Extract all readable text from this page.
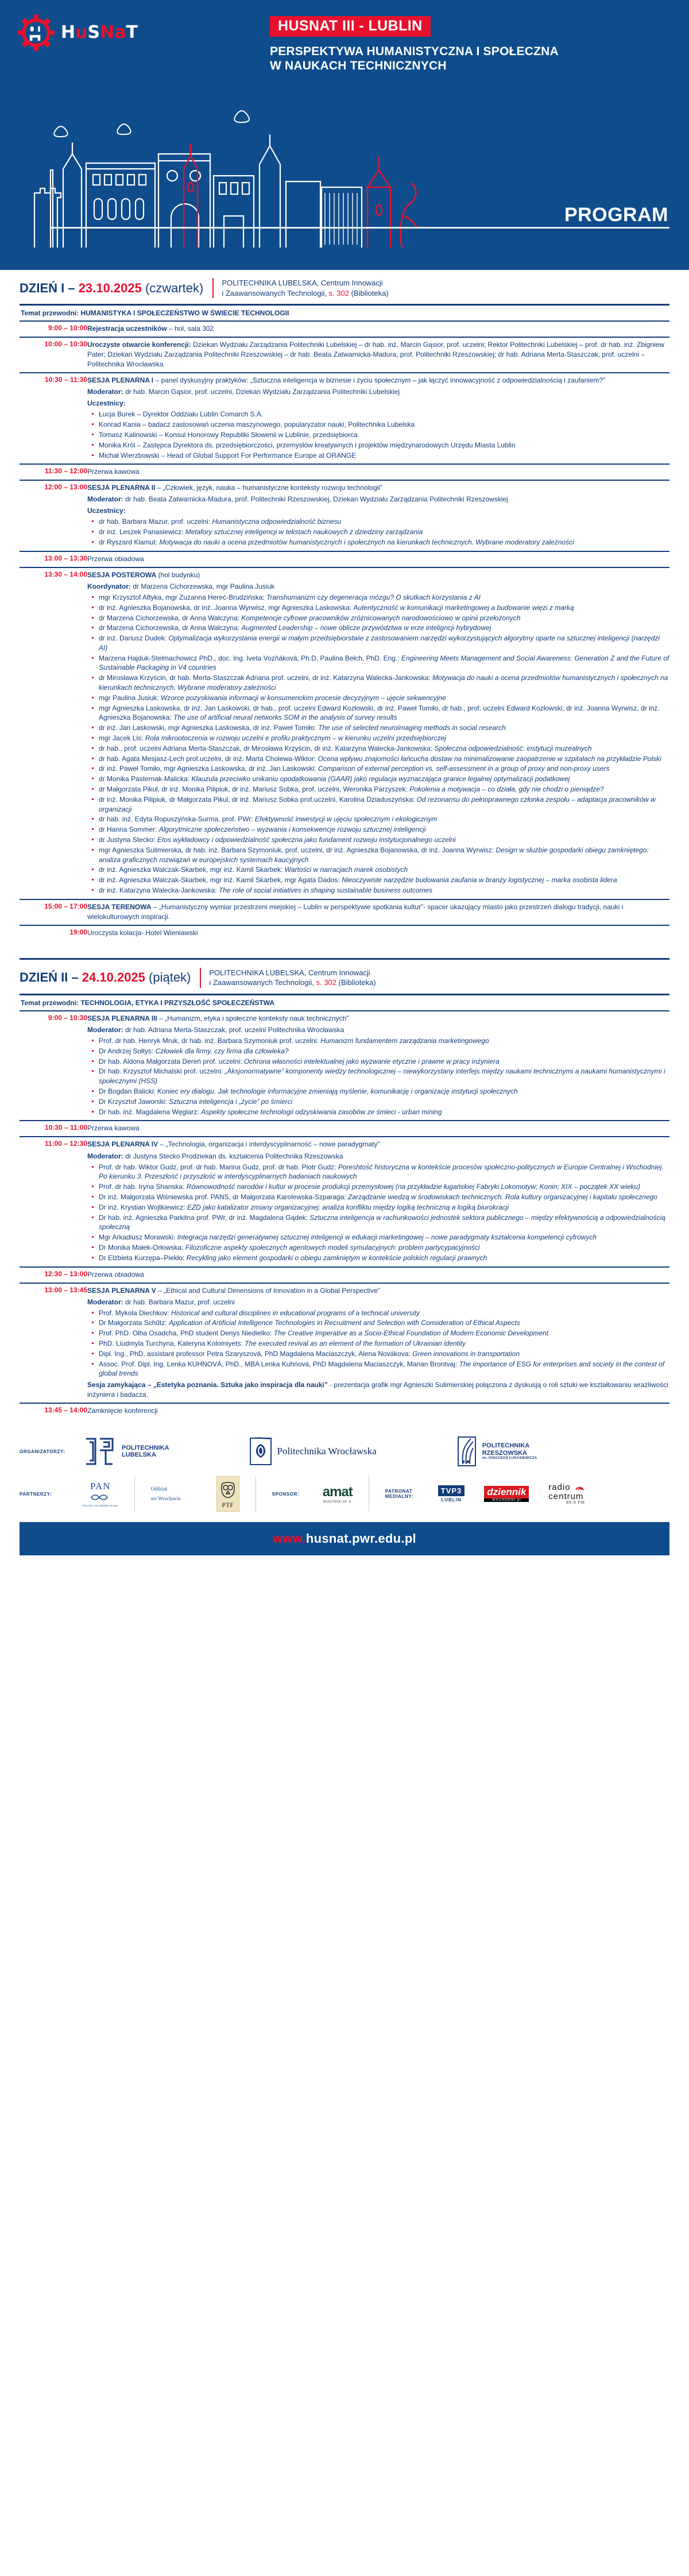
HuSNaT	HUSNAT III - LUBLIN
PERSPEKTYWA HUMANISTYCZNA I SPOŁECZNA W NAUKACH TECHNICZNYCH
PROGRAM
DZIEŃ I – 23.10.2025 (czwartek)	POLITECHNIKA LUBELSKA, Centrum Innowacji
i Zaawansowanych Technologii, s. 302 (Biblioteka)
Temat przewodni: HUMANISTYKA I SPOŁECZEŃSTWO W ŚWIECIE TECHNOLOGII
9:00 – 10:00	Rejestracja uczestników – hol, sala 302

10:00 – 10:30	Uroczyste otwarcie konferencji: Dziekan Wydziału Zarządzania Politechniki Lubelskiej – dr hab. inż. Marcin Gąsior, prof. uczelni; Rektor Politechniki Lubelskiej – prof. dr hab. inż. Zbigniew Pater; Dziekan Wydziału Zarządzania Politechniki Rzeszowskiej – dr hab. Beata Zatwarnicka-Madura, prof. Politechniki Rzeszowskiej; dr hab. Adriana Merta-Staszczak, prof. uczelni – Politechnika Wrocławska

10:30 – 11:30	SESJA PLENARNA I – panel dyskusyjny praktyków: „Sztuczna inteligencja w biznesie i życiu społecznym – jak łączyć innowacyjność z odpowiedzialnością i zaufaniem?”
Moderator: dr hab. Marcin Gąsior, prof. uczelni, Dziekan Wydziału Zarządzania Politechniki Lubelskiej
Uczestnicy:
Łucja Burek – Dyrektor Oddziału Lublin Comarch S.A.
Konrad Kania – badacz zastosowań uczenia maszynowego, popularyzator nauki, Politechnika Lubelska
Tomasz Kalinowski – Konsul Honorowy Republiki Słowenii w Lublinie, przedsiębiorca
Monika Król – Zastępca Dyrektora ds. przedsiębiorczości, przemysłów kreatywnych i projektów międzynarodowych Urzędu Miasta Lublin
Michał Wierzbowski – Head of Global Support For Performance Europe at ORANGE

11:30 – 12:00	Przerwa kawowa

12:00 – 13:00	SESJA PLENARNA II – „Człowiek, język, nauka – humanistyczne konteksty rozwoju technologii”
Moderator: dr hab. Beata Zatwarnicka-Madura, prof. Politechniki Rzeszowskiej, Dziekan Wydziału Zarządzania Politechniki Rzeszowskiej
Uczestnicy:
dr hab. Barbara Mazur, prof. uczelni: Humanistyczna odpowiedzialność biznesu
dr inż. Leszek Panasiewicz: Metafory sztucznej inteligencji w tekstach naukowych z dziedziny zarządzania
dr Ryszard Klamut: Motywacja do nauki a ocena przedmiotów humanistycznych i społecznych na kierunkach technicznych. Wybrane moderatory zależności

13:00 – 13:30	Przerwa obiadowa

13:30 – 14:00	SESJA POSTEROWA (hol budynku)
Koordynator: dr Marzena Cichorzewska, mgr Paulina Jusiuk
mgr Krzysztof Aftyka, mgr Zuzanna Hereć-Brudzińska: Transhumanizm czy degeneracja mózgu? O skutkach korzystania z AI
dr inż. Agnieszka Bojanowska, dr inż. Joanna Wyrwisz, mgr Agnieszka Laskowska: Autentyczność w komunikacji marketingowej a budowanie więzi z marką
dr Marzena Cichorzewska, dr Anna Walczyna: Kompetencje cyfrowe pracowników zróżnicowanych narodowościowo w opinii przełożonych
dr Marzena Cichorzewska, dr Anna Walczyna: Augmented Leadership – nowe oblicze przywództwa w erze inteligncji hybrydowej
dr inż. Dariusz Dudek: Optymalizacja wykorzystania energii w małym przedsiębiorstwie z zastosowaniem narzędzi wykorzystujących algorytmy oparte na sztucznej inteligencji (narzędzi AI)
Marzena Hajduk-Stelmachowicz PhD., doc. Ing. Iveta Vozňáková, Ph.D, Paulina Bełch, PhD. Eng.: Engineering Meets Management and Social Awareness: Generation Z and the Future of Sustainable Packaging in V4 countries
dr Mirosława Krzyścin, dr hab. Merta-Staszczak Adriana prof. uczelni, dr inż. Katarzyna Walecka-Jankowska: Motywacja do nauki a ocena przedmiotów humanistycznych i społecznych na kierunkach technicznych. Wybrane moderatory zależności
mgr Paulina Jusiuk: Wzorce pozyskiwania informacji w konsumenckim procesie decyzyjnym – ujęcie sekwencyjne
mgr Agnieszka Laskowska, dr inż. Jan Laskowski, dr hab., prof. uczelni Edward Kozłowski, dr inż. Paweł Tomiło, dr hab., prof. uczelni Edward Kozłowski, dr inż. Joanna Wyrwisz, dr inż. Agnieszka Bojanowska: The use of artificial neural networks SOM in the analysis of survey results
dr inż. Jan Laskowski, mgr Agnieszka Laskowska, dr inż. Paweł Tomiło: The use of selected neuroimaging methods in social research
mgr Jacek Lis: Rola mikrootoczenia w rozwoju uczelni e profilu praktycznym – w kierunku uczelni przedsiębiorczej
dr hab., prof. uczelni Adriana Merta-Staszczak, dr Mirosława Krzyścin, dr inż. Katarzyna Walecka-Jankowska: Społeczna odpowiedzialność: instytucji muzealnych
dr hab. Agata Mesjasz-Lech prof.uczelni, dr inż. Marta Cholewa-Wiktor: Ocena wpływu znajomości łańcucha dostaw na minimalizowanie zaopatrzenie w szpitalach na przykładzie Polski
dr inż. Paweł Tomiło, mgr Agnieszka Laskowska, dr inż. Jan Laskowski: Comparison of external perception vs. self-assessment in a group of proxy and non-proxy users
dr Monika Pasternak-Malicka: Klauzula przeciwko unikaniu opodatkowania (GAAR) jako regulacja wyznaczająca granice legalnej optymalizacji podatkowej
dr Małgorzata Pikul, dr inż. Monika Pilipiuk, dr inż. Mariusz Sobka, prof. uczelni, Weronika Parzyszek: Pokolenia a motywacja – co działa, gdy nie chodzi o pieniądze?
dr inż. Monika Pilipiuk, dr Małgorzata Pikul, dr inż. Mariusz Sobka prof.uczelni, Karolina Dziaduszyńska: Od rezonansu do pełnoprawnego członka zespołu – adaptacja pracowników w organizacji
dr hab. inż. Edyta Ropuszyńska-Surma, prof. PWr: Efektywność inwestycji w ujęciu społecznym i ekologicznym
dr Hanna Sommer: Algorytmiczne społeczeństwo – wyzwania i konsekwencje rozwoju sztucznej inteligencji
dr Justyna Stecko: Etos wykładowcy i odpowiedzialność społeczna jako fundament rozwoju instytucjonalnego uczelni
mgr Agnieszka Sulimierska, dr hab. inż. Barbara Szymoniuk, prof. uczelni, dr inż. Agnieszka Bojanowska, dr inż. Joanna Wyrwisz: Design w służbie gospodarki obiegu zamkniętego: analiza graficznych rozwiązań w europejskich systemach kaucyjnych
dr inż. Agnieszka Walczak-Skarbek, mgr inż. Kamil Skarbek: Wartości w narracjach marek osobistych
dr inż. Agnieszka Walczak-Skarbek, mgr inż. Kamil Skarbek, mgr Agata Dados: Nieoczywiste narzędzie budowania zaufania w branży logistycznej – marka osobista lidera
dr inż. Katarzyna Walecka-Jankowska: The role of social initiatives in shaping sustainable business outcomes

15:00 – 17:00	SESJA TERENOWA – „Humanistyczny wymiar przestrzeni miejskiej – Lublin w perspektywie spotkania kultur”- spacer ukazujący miasto jako przestrzeń dialogu tradycji, nauki i wielokulturowych inspiracji.

19:00	Uroczysta kolacja- Hotel Wieniawski
DZIEŃ II – 24.10.2025 (piątek)	POLITECHNIKA LUBELSKA, Centrum Innowacji
i Zaawansowanych Technologii, s. 302 (Biblioteka)
Temat przewodni: TECHNOLOGIA, ETYKA I PRZYSZŁOŚĆ SPOŁECZEŃSTWA
9:00 – 10:30	SESJA PLENARNA III – „Humanizm, etyka i społeczne konteksty nauk technicznych”
Moderator: dr hab. Adriana Merta-Staszczak, prof. uczelni Politechnika Wrocławska
Prof. dr hab. Henryk Mruk, dr hab. inż. Barbara Szymoniuk prof. uczelni: Humanizm fundamentem zarządzania marketingowego
Dr Andrzej Sołtys: Człowiek dla firmy, czy firma dla człowieka?
Dr hab. Aldona Małgorzata Dereń prof. uczelni: Ochrona własności intelektualnej jako wyzwanie etyczne i prawne w pracy inżyniera
Dr hab. Krzysztof Michalski prof. uczelni: „Aksjonormatywne” komponenty wiedzy technologicznej – niewykorzystany interfejs między naukami technicznymi a naukami humanistycznymi i społecznymi (HSS)
Dr Bogdan Balicki: Koniec ery dialogu. Jak technologie informacyjne zmieniają myślenie, komunikację i organizację instytucji społecznych
Dr Krzysztof Jaworski: Sztuczna inteligencja i „życie” po śmierci
Dr hab. inż. Magdalena Węglarz: Aspekty społeczne technologii odzyskiwania zasobów ze śmieci - urban mining

10:30 – 11:00	Przerwa kawowa

11:00 – 12:30	SESJA PLENARNA IV – „Technologia, organizacja i interdyscyplinarność – nowe paradygmaty”
Moderator: dr Justyna Stecko Prodziekan ds. kształcenia Politechnika Rzeszowska
Prof. dr hab. Wiktor Gudz, prof. dr hab. Marina Gudz, prof. dr hab. Piotr Gudz: Poreshtość historyczna w kontekście procesów społeczno-politycznych w Europie Centralnej i Wschodniej. Po kierunku 3. Przeszłość i przyszłość w interdyscyplinarnych badaniach naukowych
Prof. dr hab. Iryna Shanska: Równowodność narodów i kultur w procesie produkcji przemysłowej (na przykładzie ługańskiej Fabryki Lokomotyw; Konin; XIX – początek XX wieku)
Dr inż. Małgorzata Wiśniewska prof. PANS, dr Małgorzata Karolewska-Szparaga: Zarządzanie wiedzą w środowiskach technicznych. Rola kultury organizacyjnej i kapitału społecznego
Dr inż. Krystian Wojtkiewicz: EZD jako katalizator zmiany organizacyjnej: analiza konfliktu między logiką techniczną a logiką biurokracji
Dr hab. inż. Agnieszka Parkitna prof. PWr, dr inż. Magdalena Gądek: Sztuczna inteligencja w rachunkowości jednostek sektora publicznego – między efektywnością a odpowiedzialnością społeczną
Mgr Arkadiusz Morawski: Integracja narzędzi generatywnej sztucznej inteligencji w edukacji marketingowej – nowe paradygmaty kształcenia kompetencji cyfrowych
Dr Monika Małek-Orłowska: Filozoficzne aspekty społecznych agentowych modeli symulacyjnych: problem partycypacyjności
Dr Elżbieta Kurzępa–Piekło: Recykling jako element gospodarki o obiegu zamkniętym w kontekście polskich regulacji prawnych

12:30 – 13:00	Przerwa obiadowa

13:00 – 13:45	SESJA PLENARNA V – „Ethical and Cultural Dimensions of Innovation in a Global Perspective”
Moderator: dr hab. Barbara Mazur, prof. uczelni
Prof. Mykola Diechkov: Historical and cultural disciplines in educational programs of a technical university
Dr Małgorzata Schűtz: Application of Artificial Intelligence Technologies in Recruitment and Selection with Consideration of Ethical Aspects
Prof. PhD. Olha Osadcha, PhD student Denys Niedielko: The Creative Imperative as a Socio-Ethical Foundation of Modern Economic Development
PhD. Liudmyla Turchyna, Kateryna Kolomiyets: The executed revival as an element of the formation of Ukrainian identity
Dipl. Ing., PhD, assistant professor Petra Szaryszová, PhD Magdalena Maciaszczyk, Alena Novákova: Green innovations in transportation
Assoc. Prof. Dipl. Ing. Lenka KUHNOVÁ, PhD., MBA Lenka Kuhnová, PhD Magdalena Maciaszczyk, Marian Brontvaj: The importance of ESG for enterprises and society in the context of global trends
Sesja zamykająca – „Estetyka poznania. Sztuka jako inspiracja dla nauki” - prezentacja grafik mgr Agnieszki Sulimierskiej połączona z dyskusją o roli sztuki we kształtowaniu wrażliwości inżyniera i badacza.

13:45 – 14:00	Zamknięcie konferencji
ORGANIZATORZY:
POLITECHNIKA
LUBELSKA	Politechnika Wrocławska
POLITECHNIKA
RZESZOWSKA
im. IGNACEGO ŁUKASIEWICZA
PARTNERZY:
PAN
POLSKA AKADEMIA NAUK
Oddział
we Wrocławiu
PTF
SPONSOR:	amat
MUSZYŃSKI SP. K.
PATRONAT
MEDIALNY:
TVP3
LUBLIN
dziennik
WSCHODNI.pl
radio
centrum
89.0 FM
www.husnat.pwr.edu.pl
